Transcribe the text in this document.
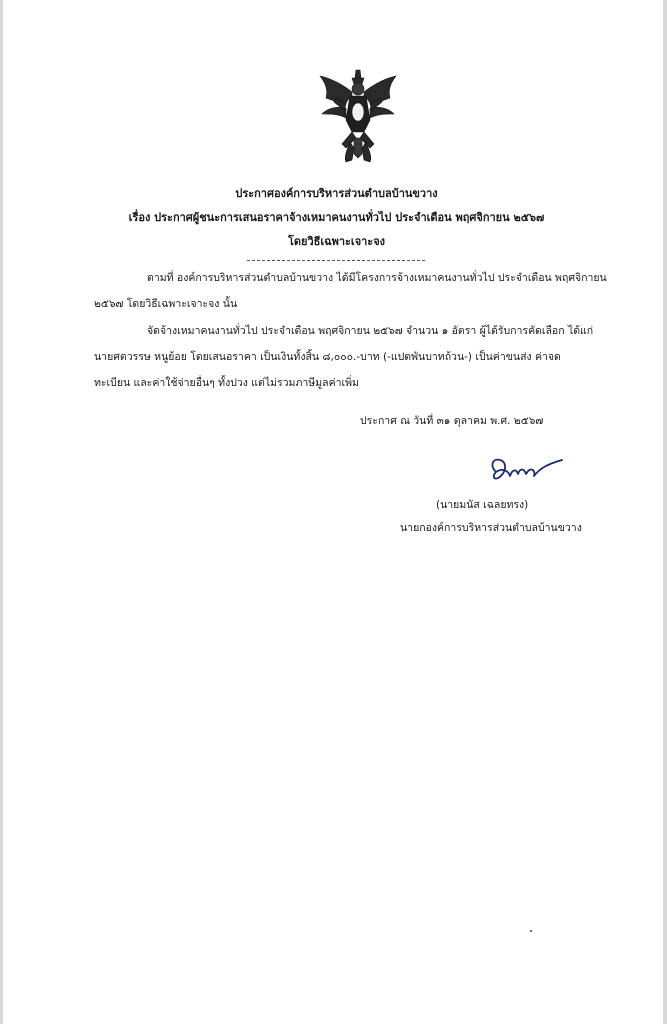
ประกาศองค์การบริหารส่วนตำบลบ้านขวาง
เรื่อง ประกาศผู้ชนะการเสนอราคาจ้างเหมาคนงานทั่วไป ประจำเดือน พฤศจิกายน ๒๕๖๗
โดยวิธีเฉพาะเจาะจง
ตามที่ องค์การบริหารส่วนตำบลบ้านขวาง ได้มีโครงการจ้างเหมาคนงานทั่วไป ประจำเดือน พฤศจิกายน
๒๕๖๗ โดยวิธีเฉพาะเจาะจง นั้น
จัดจ้างเหมาคนงานทั่วไป ประจำเดือน พฤศจิกายน ๒๕๖๗ จำนวน ๑ อัตรา ผู้ได้รับการคัดเลือก ได้แก่
นายศตวรรษ หนูย้อย โดยเสนอราคา เป็นเงินทั้งสิ้น ๘,๐๐๐.-บาท (-แปดพันบาทถ้วน-) เป็นค่าขนส่ง ค่าจด
ทะเบียน และค่าใช้จ่ายอื่นๆ ทั้งปวง แต่ไม่รวมภาษีมูลค่าเพิ่ม
ประกาศ ณ วันที่ ๓๑ ตุลาคม พ.ศ. ๒๕๖๗
(นายมนัส เฉลยทรง)
นายกองค์การบริหารส่วนตำบลบ้านขวาง
